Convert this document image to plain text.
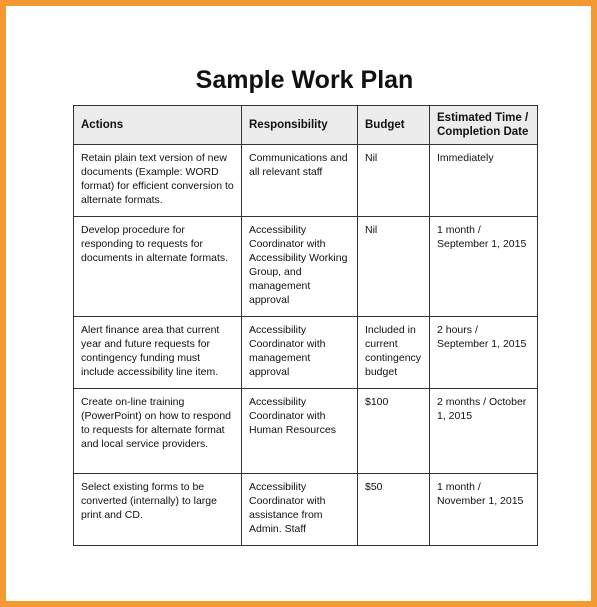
Sample Work Plan
Actions	Responsibility	Budget	Estimated Time / Completion Date
Retain plain text version of new documents (Example: WORD format) for efficient conversion to alternate formats.	Communications and all relevant staff	Nil	Immediately
Develop procedure for responding to requests for documents in alternate formats.	Accessibility Coordinator with Accessibility Working Group, and management approval	Nil	1 month / September 1, 2015
Alert finance area that current year and future requests for contingency funding must include accessibility line item.	Accessibility Coordinator with management approval	Included in current contingency budget	2 hours / September 1, 2015
Create on-line training (PowerPoint) on how to respond to requests for alternate format and local service providers.	Accessibility Coordinator with Human Resources	$100	2 months / October 1, 2015
Select existing forms to be converted (internally) to large print and CD.	Accessibility Coordinator with assistance from Admin. Staff	$50	1 month / November 1, 2015
